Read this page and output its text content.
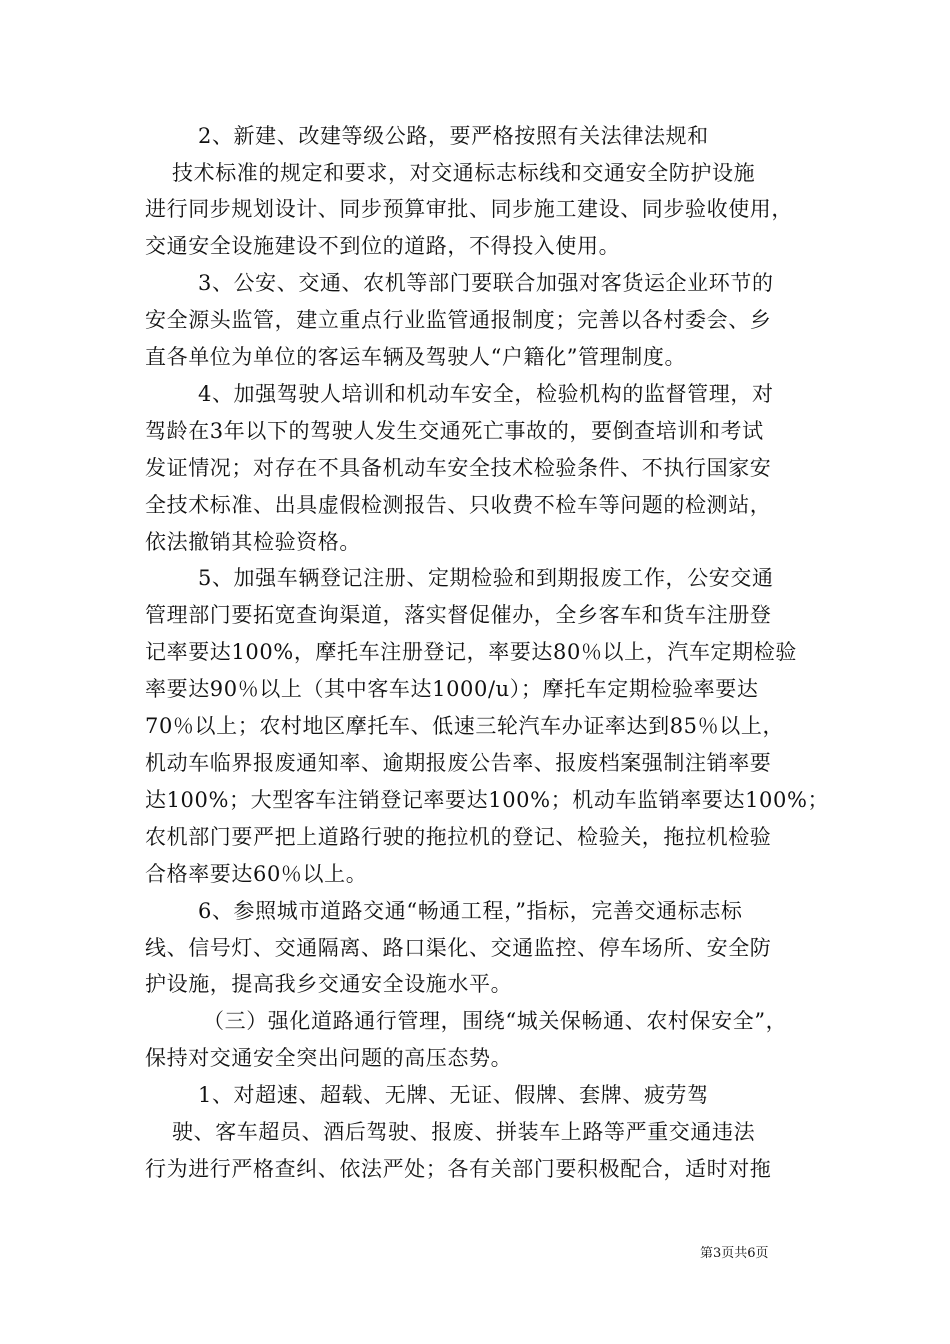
2、新建、改建等级公路，要严格按照有关法律法规和
技术标准的规定和要求，对交通标志标线和交通安全防护设施
进行同步规划设计、同步预算审批、同步施工建设、同步验收使用，
交通安全设施建设不到位的道路，不得投入使用。
3、公安、交通、农机等部门要联合加强对客货运企业环节的
安全源头监管，建立重点行业监管通报制度；完善以各村委会、乡
直各单位为单位的客运车辆及驾驶人“户籍化”管理制度。
4、加强驾驶人培训和机动车安全，检验机构的监督管理，对
驾龄在3年以下的驾驶人发生交通死亡事故的，要倒查培训和考试
发证情况；对存在不具备机动车安全技术检验条件、不执行国家安
全技术标准、出具虚假检测报告、只收费不检车等问题的检测站，
依法撤销其检验资格。
5、加强车辆登记注册、定期检验和到期报废工作，公安交通
管理部门要拓宽查询渠道，落实督促催办，全乡客车和货车注册登
记率要达100%，摩托车注册登记，率要达80％以上，汽车定期检验
率要达90％以上（其中客车达1000/u）；摩托车定期检验率要达
70％以上；农村地区摩托车、低速三轮汽车办证率达到85％以上，
机动车临界报废通知率、逾期报废公告率、报废档案强制注销率要
达100%；大型客车注销登记率要达100%；机动车监销率要达100%；
农机部门要严把上道路行驶的拖拉机的登记、检验关，拖拉机检验
合格率要达60％以上。
6、参照城市道路交通“畅通工程，”指标，完善交通标志标
线、信号灯、交通隔离、路口渠化、交通监控、停车场所、安全防
护设施，提高我乡交通安全设施水平。
（三）强化道路通行管理，围绕“城关保畅通、农村保安全”，
保持对交通安全突出问题的高压态势。
1、对超速、超载、无牌、无证、假牌、套牌、疲劳驾
驶、客车超员、酒后驾驶、报废、拼装车上路等严重交通违法
行为进行严格查纠、依法严处；各有关部门要积极配合，适时对拖
第3页共6页
